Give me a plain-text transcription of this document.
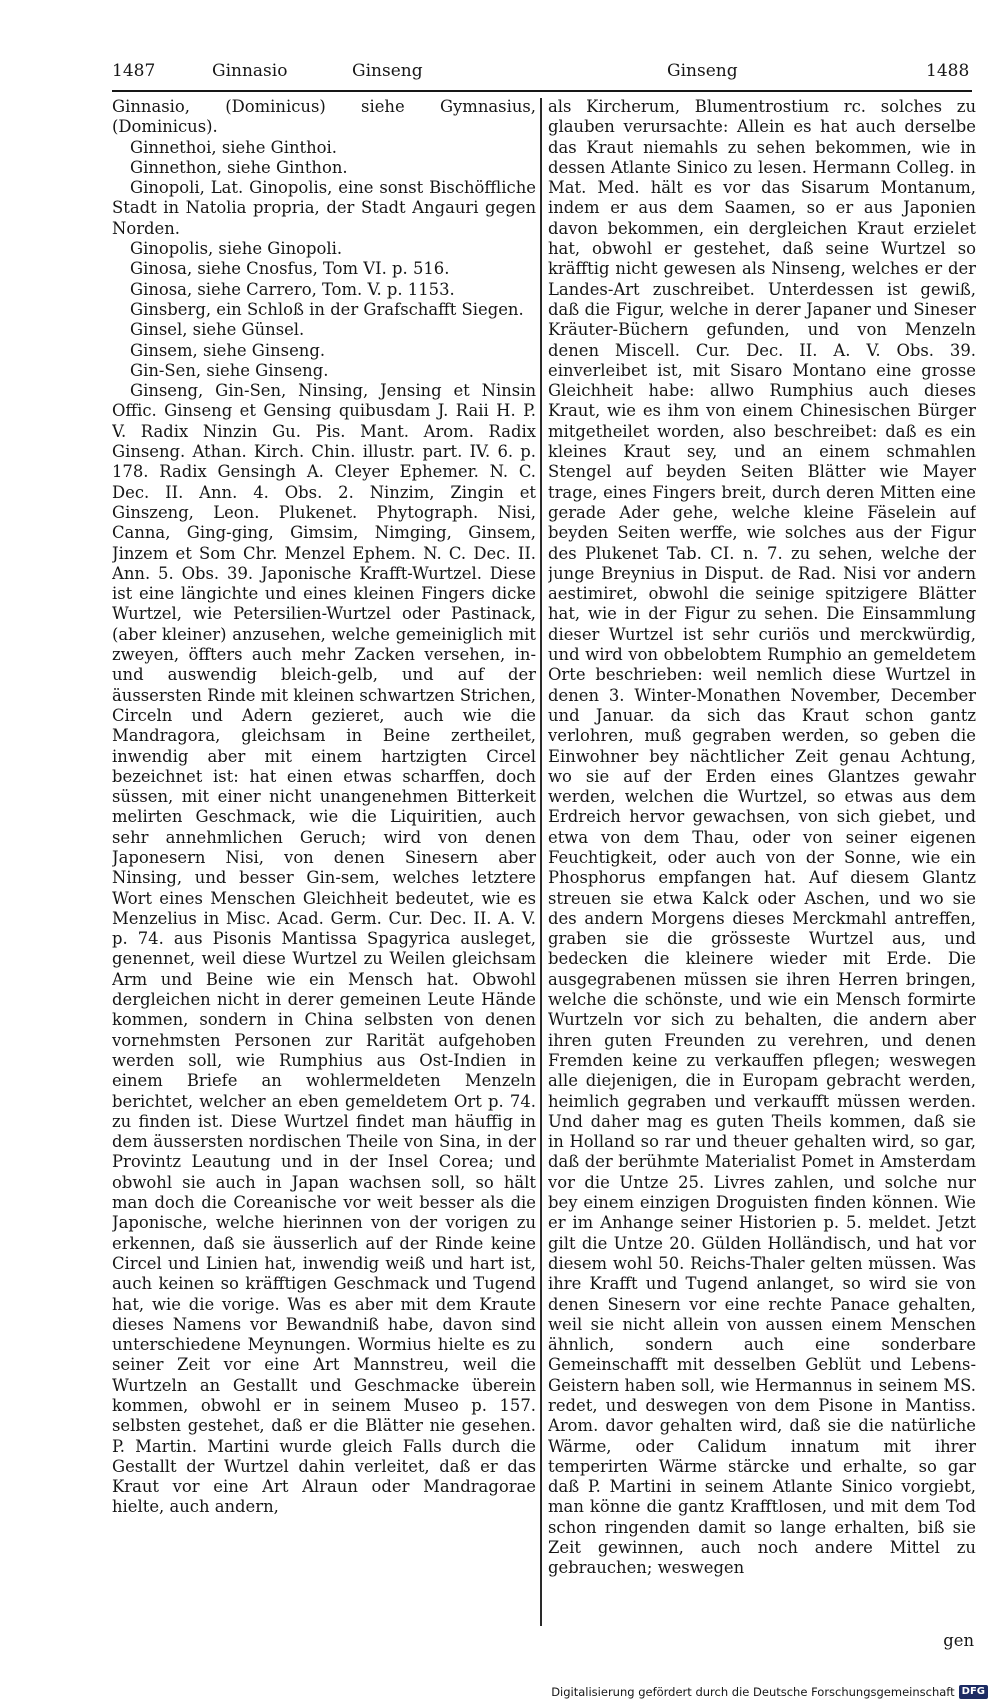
1487	Ginnasio	Ginseng	Ginseng	1488

Ginnasio, (Dominicus) siehe Gymnasius, (Dominicus).

Ginnethoi, siehe Ginthoi.

Ginnethon, siehe Ginthon.

Ginopoli, Lat. Ginopolis, eine sonst Bischöffliche Stadt in Natolia propria, der Stadt Angauri gegen Norden.

Ginopolis, siehe Ginopoli.

Ginosa, siehe Cnosfus, Tom VI. p. 516.

Ginosa, siehe Carrero, Tom. V. p. 1153.

Ginsberg, ein Schloß in der Grafschafft Siegen.

Ginsel, siehe Günsel.

Ginsem, siehe Ginseng.

Gin-Sen, siehe Ginseng.

Ginseng, Gin-Sen, Ninsing, Jensing et Ninsin Offic. Ginseng et Gensing quibusdam J. Raii H. P. V. Radix Ninzin Gu. Pis. Mant. Arom. Radix Ginseng. Athan. Kirch. Chin. illustr. part. IV. 6. p. 178. Radix Gensingh A. Cleyer Ephemer. N. C. Dec. II. Ann. 4. Obs. 2. Ninzim, Zingin et Ginszeng, Leon. Plukenet. Phytograph. Nisi, Canna, Ging-ging, Gimsim, Nimging, Ginsem, Jinzem et Som Chr. Menzel Ephem. N. C. Dec. II. Ann. 5. Obs. 39. Japonische Krafft-Wurtzel. Diese ist eine längichte und eines kleinen Fingers dicke Wurtzel, wie Petersilien-Wurtzel oder Pastinack, (aber kleiner) anzusehen, welche gemeiniglich mit zweyen, öffters auch mehr Zacken versehen, in- und auswendig bleich-gelb, und auf der äussersten Rinde mit kleinen schwartzen Strichen, Circeln und Adern gezieret, auch wie die Mandragora, gleichsam in Beine zertheilet, inwendig aber mit einem hartzigten Circel bezeichnet ist: hat einen etwas scharffen, doch süssen, mit einer nicht unangenehmen Bitterkeit melirten Geschmack, wie die Liquiritien, auch sehr annehmlichen Geruch; wird von denen Japonesern Nisi, von denen Sinesern aber Ninsing, und besser Gin-sem, welches letztere Wort eines Menschen Gleichheit bedeutet, wie es Menzelius in Misc. Acad. Germ. Cur. Dec. II. A. V. p. 74. aus Pisonis Mantissa Spagyrica ausleget, genennet, weil diese Wurtzel zu Weilen gleichsam Arm und Beine wie ein Mensch hat. Obwohl dergleichen nicht in derer gemeinen Leute Hände kommen, sondern in China selbsten von denen vornehmsten Personen zur Rarität aufgehoben werden soll, wie Rumphius aus Ost-Indien in einem Briefe an wohlermeldeten Menzeln berichtet, welcher an eben gemeldetem Ort p. 74. zu finden ist. Diese Wurtzel findet man häuffig in dem äussersten nordischen Theile von Sina, in der Provintz Leautung und in der Insel Corea; und obwohl sie auch in Japan wachsen soll, so hält man doch die Coreanische vor weit besser als die Japonische, welche hierinnen von der vorigen zu erkennen, daß sie äusserlich auf der Rinde keine Circel und Linien hat, inwendig weiß und hart ist, auch keinen so kräfftigen Geschmack und Tugend hat, wie die vorige. Was es aber mit dem Kraute dieses Namens vor Bewandniß habe, davon sind unterschiedene Meynungen. Wormius hielte es zu seiner Zeit vor eine Art Mannstreu, weil die Wurtzeln an Gestallt und Geschmacke überein kommen, obwohl er in seinem Museo p. 157. selbsten gestehet, daß er die Blätter nie gesehen. P. Martin. Martini wurde gleich Falls durch die Gestallt der Wurtzel dahin verleitet, daß er das Kraut vor eine Art Alraun oder Mandragorae hielte, auch andern,

als Kircherum, Blumentrostium rc. solches zu glauben verursachte: Allein es hat auch derselbe das Kraut niemahls zu sehen bekommen, wie in dessen Atlante Sinico zu lesen. Hermann Colleg. in Mat. Med. hält es vor das Sisarum Montanum, indem er aus dem Saamen, so er aus Japonien davon bekommen, ein dergleichen Kraut erzielet hat, obwohl er gestehet, daß seine Wurtzel so kräfftig nicht gewesen als Ninseng, welches er der Landes-Art zuschreibet. Unterdessen ist gewiß, daß die Figur, welche in derer Japaner und Sineser Kräuter-Büchern gefunden, und von Menzeln denen Miscell. Cur. Dec. II. A. V. Obs. 39. einverleibet ist, mit Sisaro Montano eine grosse Gleichheit habe: allwo Rumphius auch dieses Kraut, wie es ihm von einem Chinesischen Bürger mitgetheilet worden, also beschreibet: daß es ein kleines Kraut sey, und an einem schmahlen Stengel auf beyden Seiten Blätter wie Mayer trage, eines Fingers breit, durch deren Mitten eine gerade Ader gehe, welche kleine Fäselein auf beyden Seiten werffe, wie solches aus der Figur des Plukenet Tab. CI. n. 7. zu sehen, welche der junge Breynius in Disput. de Rad. Nisi vor andern aestimiret, obwohl die seinige spitzigere Blätter hat, wie in der Figur zu sehen. Die Einsammlung dieser Wurtzel ist sehr curiös und merckwürdig, und wird von obbelobtem Rumphio an gemeldetem Orte beschrieben: weil nemlich diese Wurtzel in denen 3. Winter-Monathen November, December und Januar. da sich das Kraut schon gantz verlohren, muß gegraben werden, so geben die Einwohner bey nächtlicher Zeit genau Achtung, wo sie auf der Erden eines Glantzes gewahr werden, welchen die Wurtzel, so etwas aus dem Erdreich hervor gewachsen, von sich giebet, und etwa von dem Thau, oder von seiner eigenen Feuchtigkeit, oder auch von der Sonne, wie ein Phosphorus empfangen hat. Auf diesem Glantz streuen sie etwa Kalck oder Aschen, und wo sie des andern Morgens dieses Merckmahl antreffen, graben sie die grösseste Wurtzel aus, und bedecken die kleinere wieder mit Erde. Die ausgegrabenen müssen sie ihren Herren bringen, welche die schönste, und wie ein Mensch formirte Wurtzeln vor sich zu behalten, die andern aber ihren guten Freunden zu verehren, und denen Fremden keine zu verkauffen pflegen; weswegen alle diejenigen, die in Europam gebracht werden, heimlich gegraben und verkaufft müssen werden. Und daher mag es guten Theils kommen, daß sie in Holland so rar und theuer gehalten wird, so gar, daß der berühmte Materialist Pomet in Amsterdam vor die Untze 25. Livres zahlen, und solche nur bey einem einzigen Droguisten finden können. Wie er im Anhange seiner Historien p. 5. meldet. Jetzt gilt die Untze 20. Gülden Holländisch, und hat vor diesem wohl 50. Reichs-Thaler gelten müssen. Was ihre Krafft und Tugend anlanget, so wird sie von denen Sinesern vor eine rechte Panace gehalten, weil sie nicht allein von aussen einem Menschen ähnlich, sondern auch eine sonderbare Gemeinschafft mit desselben Geblüt und Lebens-Geistern haben soll, wie Hermannus in seinem MS. redet, und deswegen von dem Pisone in Mantiss. Arom. davor gehalten wird, daß sie die natürliche Wärme, oder Calidum innatum mit ihrer temperirten Wärme stärcke und erhalte, so gar daß P. Martini in seinem Atlante Sinico vorgiebt, man könne die gantz Krafftlosen, und mit dem Tod schon ringenden damit so lange erhalten, biß sie Zeit gewinnen, auch noch andere Mittel zu gebrauchen; weswegen

gen
Digitalisierung gefördert durch die Deutsche Forschungsgemeinschaft DFG
